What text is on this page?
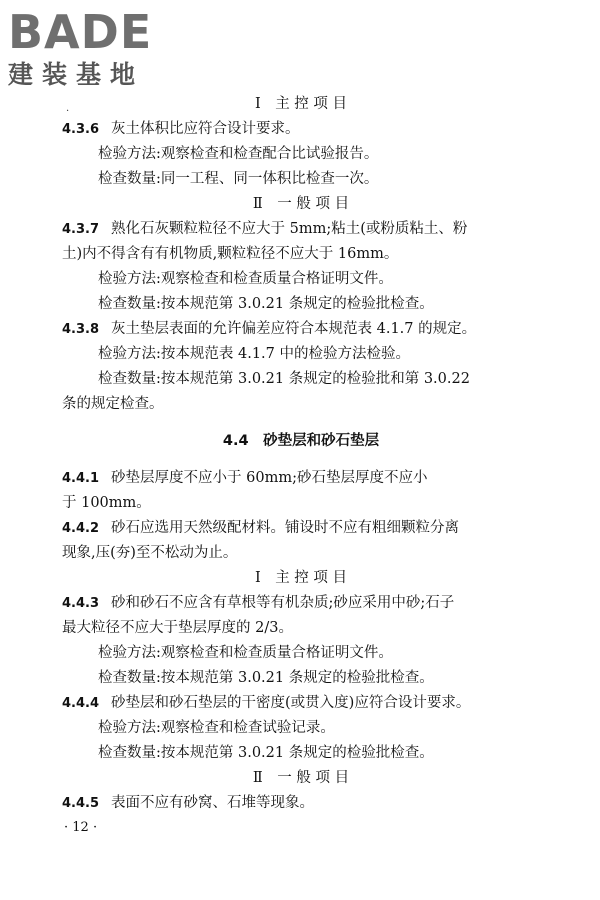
BADE
建装基地
.	Ⅰ　主 控 项 目

4.3.6 灰土体积比应符合设计要求。

检验方法:观察检查和检查配合比试验报告。

检查数量:同一工程、同一体积比检查一次。

Ⅱ　一 般 项 目

4.3.7 熟化石灰颗粒粒径不应大于 5mm;粘土(或粉质粘土、粉

土)内不得含有有机物质,颗粒粒径不应大于 16mm。

检验方法:观察检查和检查质量合格证明文件。

检查数量:按本规范第 3.0.21 条规定的检验批检查。

4.3.8 灰土垫层表面的允许偏差应符合本规范表 4.1.7 的规定。

检验方法:按本规范表 4.1.7 中的检验方法检验。

检查数量:按本规范第 3.0.21 条规定的检验批和第 3.0.22

条的规定检查。

4.4　砂垫层和砂石垫层

4.4.1 砂垫层厚度不应小于 60mm;砂石垫层厚度不应小

于 100mm。

4.4.2 砂石应选用天然级配材料。铺设时不应有粗细颗粒分离

现象,压(夯)至不松动为止。

Ⅰ　主 控 项 目

4.4.3 砂和砂石不应含有草根等有机杂质;砂应采用中砂;石子

最大粒径不应大于垫层厚度的 2/3。

检验方法:观察检查和检查质量合格证明文件。

检查数量:按本规范第 3.0.21 条规定的检验批检查。

4.4.4 砂垫层和砂石垫层的干密度(或贯入度)应符合设计要求。

检验方法:观察检查和检查试验记录。

检查数量:按本规范第 3.0.21 条规定的检验批检查。

Ⅱ　一 般 项 目

4.4.5 表面不应有砂窝、石堆等现象。

· 12 ·
